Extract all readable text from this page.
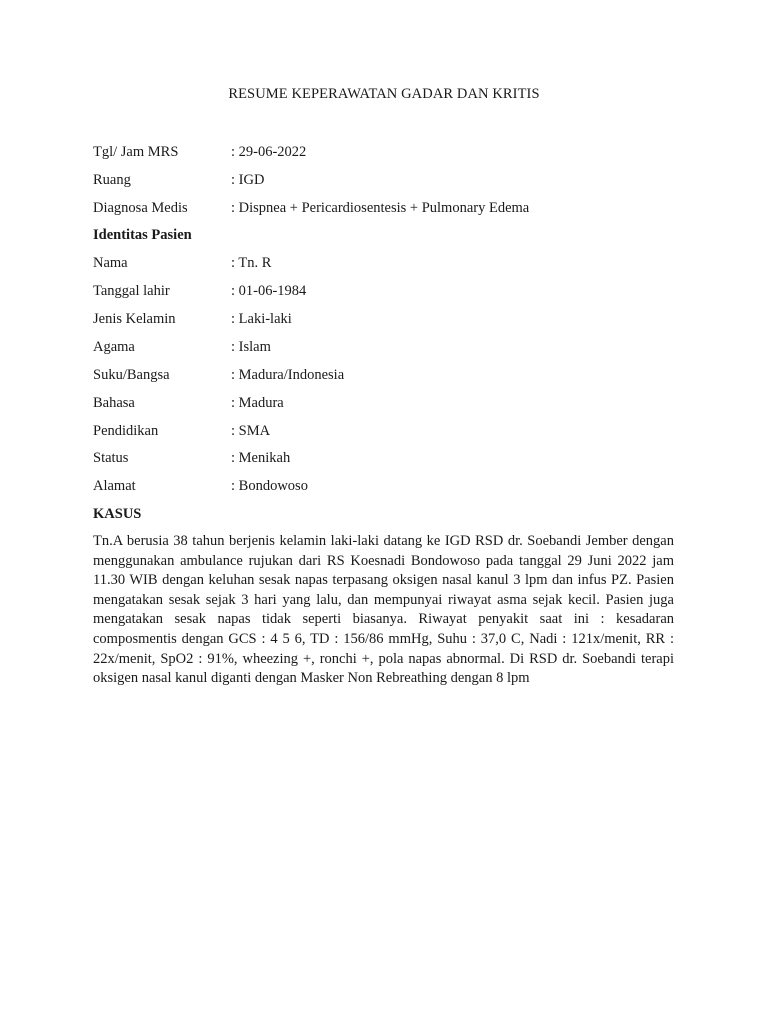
RESUME KEPERAWATAN GADAR DAN KRITIS
Tgl/ Jam MRS	: 29-06-2022
Ruang	: IGD
Diagnosa Medis	: Dispnea + Pericardiosentesis + Pulmonary Edema
Identitas Pasien
Nama	: Tn. R
Tanggal lahir	: 01-06-1984
Jenis Kelamin	: Laki-laki
Agama	: Islam
Suku/Bangsa	: Madura/Indonesia
Bahasa	: Madura
Pendidikan	: SMA
Status	: Menikah
Alamat	: Bondowoso
KASUS
Tn.A berusia 38 tahun berjenis kelamin laki-laki datang ke IGD RSD dr. Soebandi Jember dengan menggunakan ambulance rujukan dari RS Koesnadi Bondowoso pada tanggal 29 Juni 2022 jam 11.30 WIB dengan keluhan sesak napas terpasang oksigen nasal kanul 3 lpm dan infus PZ. Pasien mengatakan sesak sejak 3 hari yang lalu, dan mempunyai riwayat asma sejak kecil. Pasien juga mengatakan sesak napas tidak seperti biasanya. Riwayat penyakit saat ini : kesadaran composmentis dengan GCS : 4 5 6, TD : 156/86 mmHg, Suhu : 37,0 C, Nadi : 121x/menit, RR : 22x/menit, SpO2 : 91%, wheezing +, ronchi +, pola napas abnormal. Di RSD dr. Soebandi terapi oksigen nasal kanul diganti dengan Masker Non Rebreathing dengan 8 lpm
